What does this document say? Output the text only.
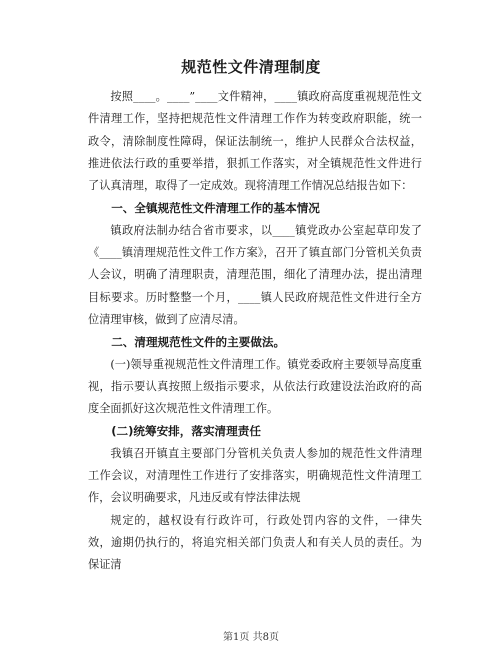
规范性文件清理制度

按照____。____”____文件精神，____镇政府高度重视规范性文件清理工作，坚持把规范性文件清理工作作为转变政府职能，统一政令，清除制度性障碍，保证法制统一，维护人民群众合法权益，推进依法行政的重要举措，狠抓工作落实，对全镇规范性文件进行了认真清理，取得了一定成效。现将清理工作情况总结报告如下：

一、全镇规范性文件清理工作的基本情况

镇政府法制办结合省市要求，以____镇党政办公室起草印发了《____镇清理规范性文件工作方案》，召开了镇直部门分管机关负责人会议，明确了清理职责，清理范围，细化了清理办法，提出清理目标要求。历时整整一个月，____镇人民政府规范性文件进行全方位清理审核，做到了应清尽清。

二、清理规范性文件的主要做法。

(一)领导重视规范性文件清理工作。镇党委政府主要领导高度重视，指示要认真按照上级指示要求，从依法行政建设法治政府的高度全面抓好这次规范性文件清理工作。

(二)统筹安排，落实清理责任

我镇召开镇直主要部门分管机关负责人参加的规范性文件清理工作会议，对清理性工作进行了安排落实，明确规范性文件清理工作，会议明确要求，凡违反或有悖法律法规

规定的，越权设有行政许可，行政处罚内容的文件，一律失效，逾期仍执行的，将追究相关部门负责人和有关人员的责任。为保证清

第1页 共8页
